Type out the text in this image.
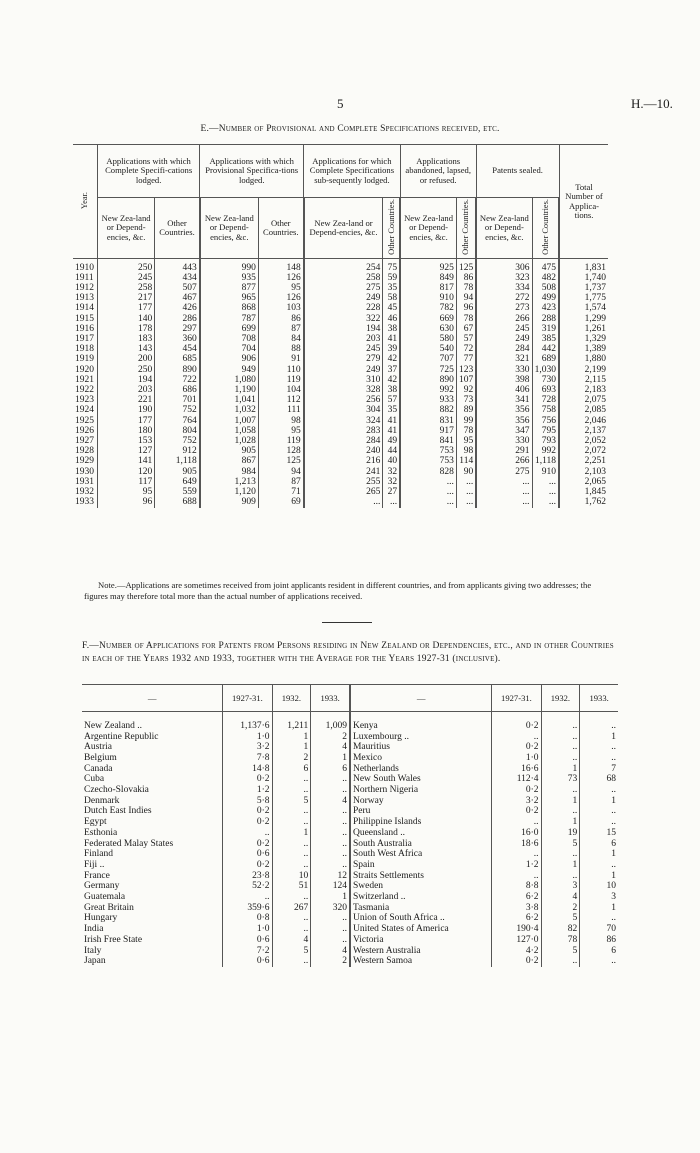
5	H.—10.
E.—Number of Provisional and Complete Specifications received, etc.
Year.	Applications with which Complete Specifi-cations lodged.		Applications with which Provisional Specifica-tions lodged.		Applications for which Complete Specifications sub-sequently lodged.		Applications abandoned, lapsed, or refused.		Patents sealed.		Total Number of Applica-tions.
	New Zea-land or Depend-encies, &c.	Other Countries.	New Zea-land or Depend-encies, &c.	Other Countries.	New Zea-land or Depend-encies, &c.	Other Countries.	New Zea-land or Depend-encies, &c.	Other Countries.	New Zea-land or Depend-encies, &c.	Other Countries.	
1910	250	443	990	148	254	75	925	125	306	475	1,831
1911	245	434	935	126	258	59	849	86	323	482	1,740
1912	258	507	877	95	275	35	817	78	334	508	1,737
1913	217	467	965	126	249	58	910	94	272	499	1,775
1914	177	426	868	103	228	45	782	96	273	423	1,574
1915	140	286	787	86	322	46	669	78	266	288	1,299
1916	178	297	699	87	194	38	630	67	245	319	1,261
1917	183	360	708	84	203	41	580	57	249	385	1,329
1918	143	454	704	88	245	39	540	72	284	442	1,389
1919	200	685	906	91	279	42	707	77	321	689	1,880
1920	250	890	949	110	249	37	725	123	330	1,030	2,199
1921	194	722	1,080	119	310	42	890	107	398	730	2,115
1922	203	686	1,190	104	328	38	992	92	406	693	2,183
1923	221	701	1,041	112	256	57	933	73	341	728	2,075
1924	190	752	1,032	111	304	35	882	89	356	758	2,085
1925	177	764	1,007	98	324	41	831	99	356	756	2,046
1926	180	804	1,058	95	283	41	917	78	347	795	2,137
1927	153	752	1,028	119	284	49	841	95	330	793	2,052
1928	127	912	905	128	240	44	753	98	291	992	2,072
1929	141	1,118	867	125	216	40	753	114	266	1,118	2,251
1930	120	905	984	94	241	32	828	90	275	910	2,103
1931	117	649	1,213	87	255	32	...	...	...	...	2,065
1932	95	559	1,120	71	265	27	...	...	...	...	1,845
1933	96	688	909	69	...	...	...	...	...	...	1,762
Note.—Applications are sometimes received from joint applicants resident in different countries, and from applicants giving two addresses; the figures may therefore total more than the actual number of applications received.
F.—Number of Applications for Patents from Persons residing in New Zealand or Dependencies, etc., and in other Countries in each of the Years 1932 and 1933, together with the Average for the Years 1927-31 (inclusive).
—	1927-31.	1932.	1933.	—	1927-31.	1932.	1933.
New Zealand ..	1,137·6	1,211	1,009	Kenya	0·2	..	..
Argentine Republic	1·0	1	2	Luxembourg ..	..	..	1
Austria	3·2	1	4	Mauritius	0·2	..	..
Belgium	7·8	2	1	Mexico	1·0	..	..
Canada	14·8	6	6	Netherlands	16·6	1	7
Cuba	0·2	..	..	New South Wales	112·4	73	68
Czecho-Slovakia	1·2	..	..	Northern Nigeria	0·2	..	..
Denmark	5·8	5	4	Norway	3·2	1	1
Dutch East Indies	0·2	..	..	Peru	0·2	..	..
Egypt	0·2	..	..	Philippine Islands	..	1	..
Esthonia	..	1	..	Queensland ..	16·0	19	15
Federated Malay States	0·2	..	..	South Australia	18·6	5	6
Finland	0·6	..	..	South West Africa	..	..	1
Fiji ..	0·2	..	..	Spain	1·2	1	..
France	23·8	10	12	Straits Settlements	..	..	1
Germany	52·2	51	124	Sweden	8·8	3	10
Guatemala	..	..	1	Switzerland ..	6·2	4	3
Great Britain	359·6	267	320	Tasmania	3·8	2	1
Hungary	0·8	..	..	Union of South Africa ..	6·2	5	..
India	1·0	..	..	United States of America	190·4	82	70
Irish Free State	0·6	4	..	Victoria	127·0	78	86
Italy	7·2	5	4	Western Australia	4·2	5	6
Japan	0·6	..	2	Western Samoa	0·2	..	..
